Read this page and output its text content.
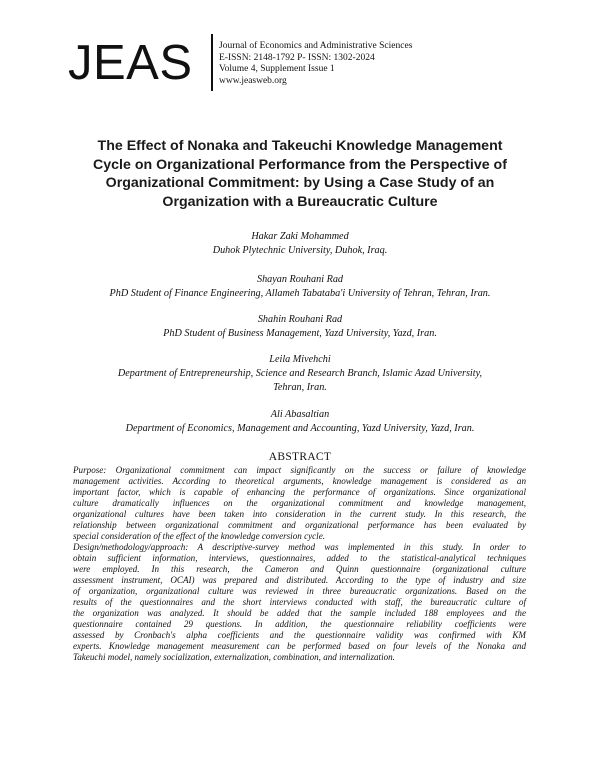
JEAS	Journal of Economics and Administrative Sciences
E-ISSN: 2148-1792 P- ISSN: 1302-2024
Volume 4, Supplement Issue 1
www.jeasweb.org
The Effect of Nonaka and Takeuchi Knowledge Management
Cycle on Organizational Performance from the Perspective of
Organizational Commitment: by Using a Case Study of an
Organization with a Bureaucratic Culture
Hakar Zaki Mohammed
Duhok Plytechnic University, Duhok, Iraq.
Shayan Rouhani Rad
PhD Student of Finance Engineering, Allameh Tabataba'i University of Tehran, Tehran, Iran.
Shahin Rouhani Rad
PhD Student of Business Management, Yazd University, Yazd, Iran.
Leila Mivehchi
Department of Entrepreneurship, Science and Research Branch, Islamic Azad University,
Tehran, Iran.
Ali Abasaltian
Department of Economics, Management and Accounting, Yazd University, Yazd, Iran.
ABSTRACT
Purpose: Organizational commitment can impact significantly on the success or failure of knowledge
management activities. According to theoretical arguments, knowledge management is considered as an
important factor, which is capable of enhancing the performance of organizations. Since organizational
culture dramatically influences on the organizational commitment and knowledge management,
organizational cultures have been taken into consideration in the current study. In this research, the
relationship between organizational commitment and organizational performance has been evaluated by
special consideration of the effect of the knowledge conversion cycle.
Design/methodology/approach: A descriptive-survey method was implemented in this study. In order to
obtain sufficient information, interviews, questionnaires, added to the statistical-analytical techniques
were employed. In this research, the Cameron and Quinn questionnaire (organizational culture
assessment instrument, OCAI) was prepared and distributed. According to the type of industry and size
of organization, organizational culture was reviewed in three bureaucratic organizations. Based on the
results of the questionnaires and the short interviews conducted with staff, the bureaucratic culture of
the organization was analyzed. It should be added that the sample included 188 employees and the
questionnaire contained 29 questions. In addition, the questionnaire reliability coefficients were
assessed by Cronbach's alpha coefficients and the questionnaire validity was confirmed with KM
experts. Knowledge management measurement can be performed based on four levels of the Nonaka and
Takeuchi model, namely socialization, externalization, combination, and internalization.
